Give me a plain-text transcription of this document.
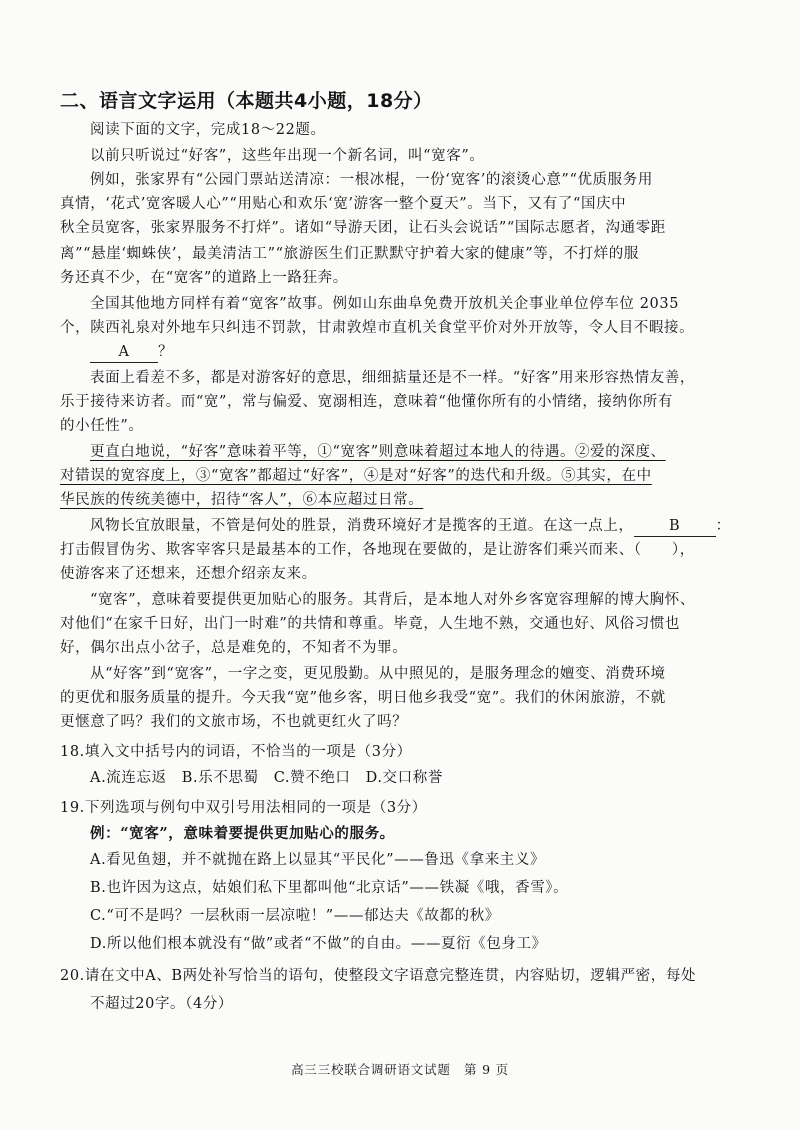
二、语言文字运用（本题共4小题，18分）
阅读下面的文字，完成18～22题。
以前只听说过“好客”，这些年出现一个新名词，叫“宽客”。
例如，张家界有“公园门票站送清凉：一根冰棍，一份‘宽客’的滚烫心意”“优质服务用
真情，‘花式’宽客暖人心”“用贴心和欢乐‘宽’游客一整个夏天”。当下，又有了“国庆中
秋全员宽客，张家界服务不打烊”。诸如“导游天团，让石头会说话”“国际志愿者，沟通零距
离”“悬崖‘蜘蛛侠’，最美清洁工”“旅游医生们正默默守护着大家的健康”等，不打烊的服
务还真不少，在“宽客”的道路上一路狂奔。
全国其他地方同样有着“宽客”故事。例如山东曲阜免费开放机关企事业单位停车位 2035
个，陕西礼泉对外地车只纠违不罚款，甘肃敦煌市直机关食堂平价对外开放等，令人目不暇接。
A ？
表面上看差不多，都是对游客好的意思，细细掂量还是不一样。“好客”用来形容热情友善，
乐于接待来访者。而“宽”，常与偏爱、宽溺相连，意味着“他懂你所有的小情绪，接纳你所有
的小任性”。
更直白地说，“好客”意味着平等，①“宽客”则意味着超过本地人的待遇。②爱的深度、
对错误的宽容度上，③“宽客”都超过“好客”，④是对“好客”的迭代和升级。⑤其实，在中
华民族的传统美德中，招待“客人”，⑥本应超过日常。
风物长宜放眼量，不管是何处的胜景，消费环境好才是揽客的王道。在这一点上， B ：
打击假冒伪劣、欺客宰客只是最基本的工作，各地现在要做的，是让游客们乘兴而来、（　　），
使游客来了还想来，还想介绍亲友来。
“宽客”，意味着要提供更加贴心的服务。其背后，是本地人对外乡客宽容理解的博大胸怀、
对他们“在家千日好，出门一时难”的共情和尊重。毕竟，人生地不熟，交通也好、风俗习惯也
好，偶尔出点小岔子，总是难免的，不知者不为罪。
从“好客”到“宽客”，一字之变，更见殷勤。从中照见的，是服务理念的嬗变、消费环境
的更优和服务质量的提升。今天我“宽”他乡客，明日他乡我受“宽”。我们的休闲旅游，不就
更惬意了吗？我们的文旅市场，不也就更红火了吗？
18.填入文中括号内的词语，不恰当的一项是（3分）
A.流连忘返　B.乐不思蜀　C.赞不绝口　D.交口称誉
19.下列选项与例句中双引号用法相同的一项是（3分）
例：“宽客”，意味着要提供更加贴心的服务。
A.看见鱼翅，并不就抛在路上以显其“平民化”——鲁迅《拿来主义》
B.也许因为这点，姑娘们私下里都叫他“北京话”——铁凝《哦，香雪》。
C.“可不是吗？一层秋雨一层凉啦！”——郁达夫《故都的秋》
D.所以他们根本就没有“做”或者“不做”的自由。——夏衍《包身工》
20.请在文中A、B两处补写恰当的语句，使整段文字语意完整连贯，内容贴切，逻辑严密，每处
不超过20字。（4分）
高三三校联合调研语文试题　第 9 页
